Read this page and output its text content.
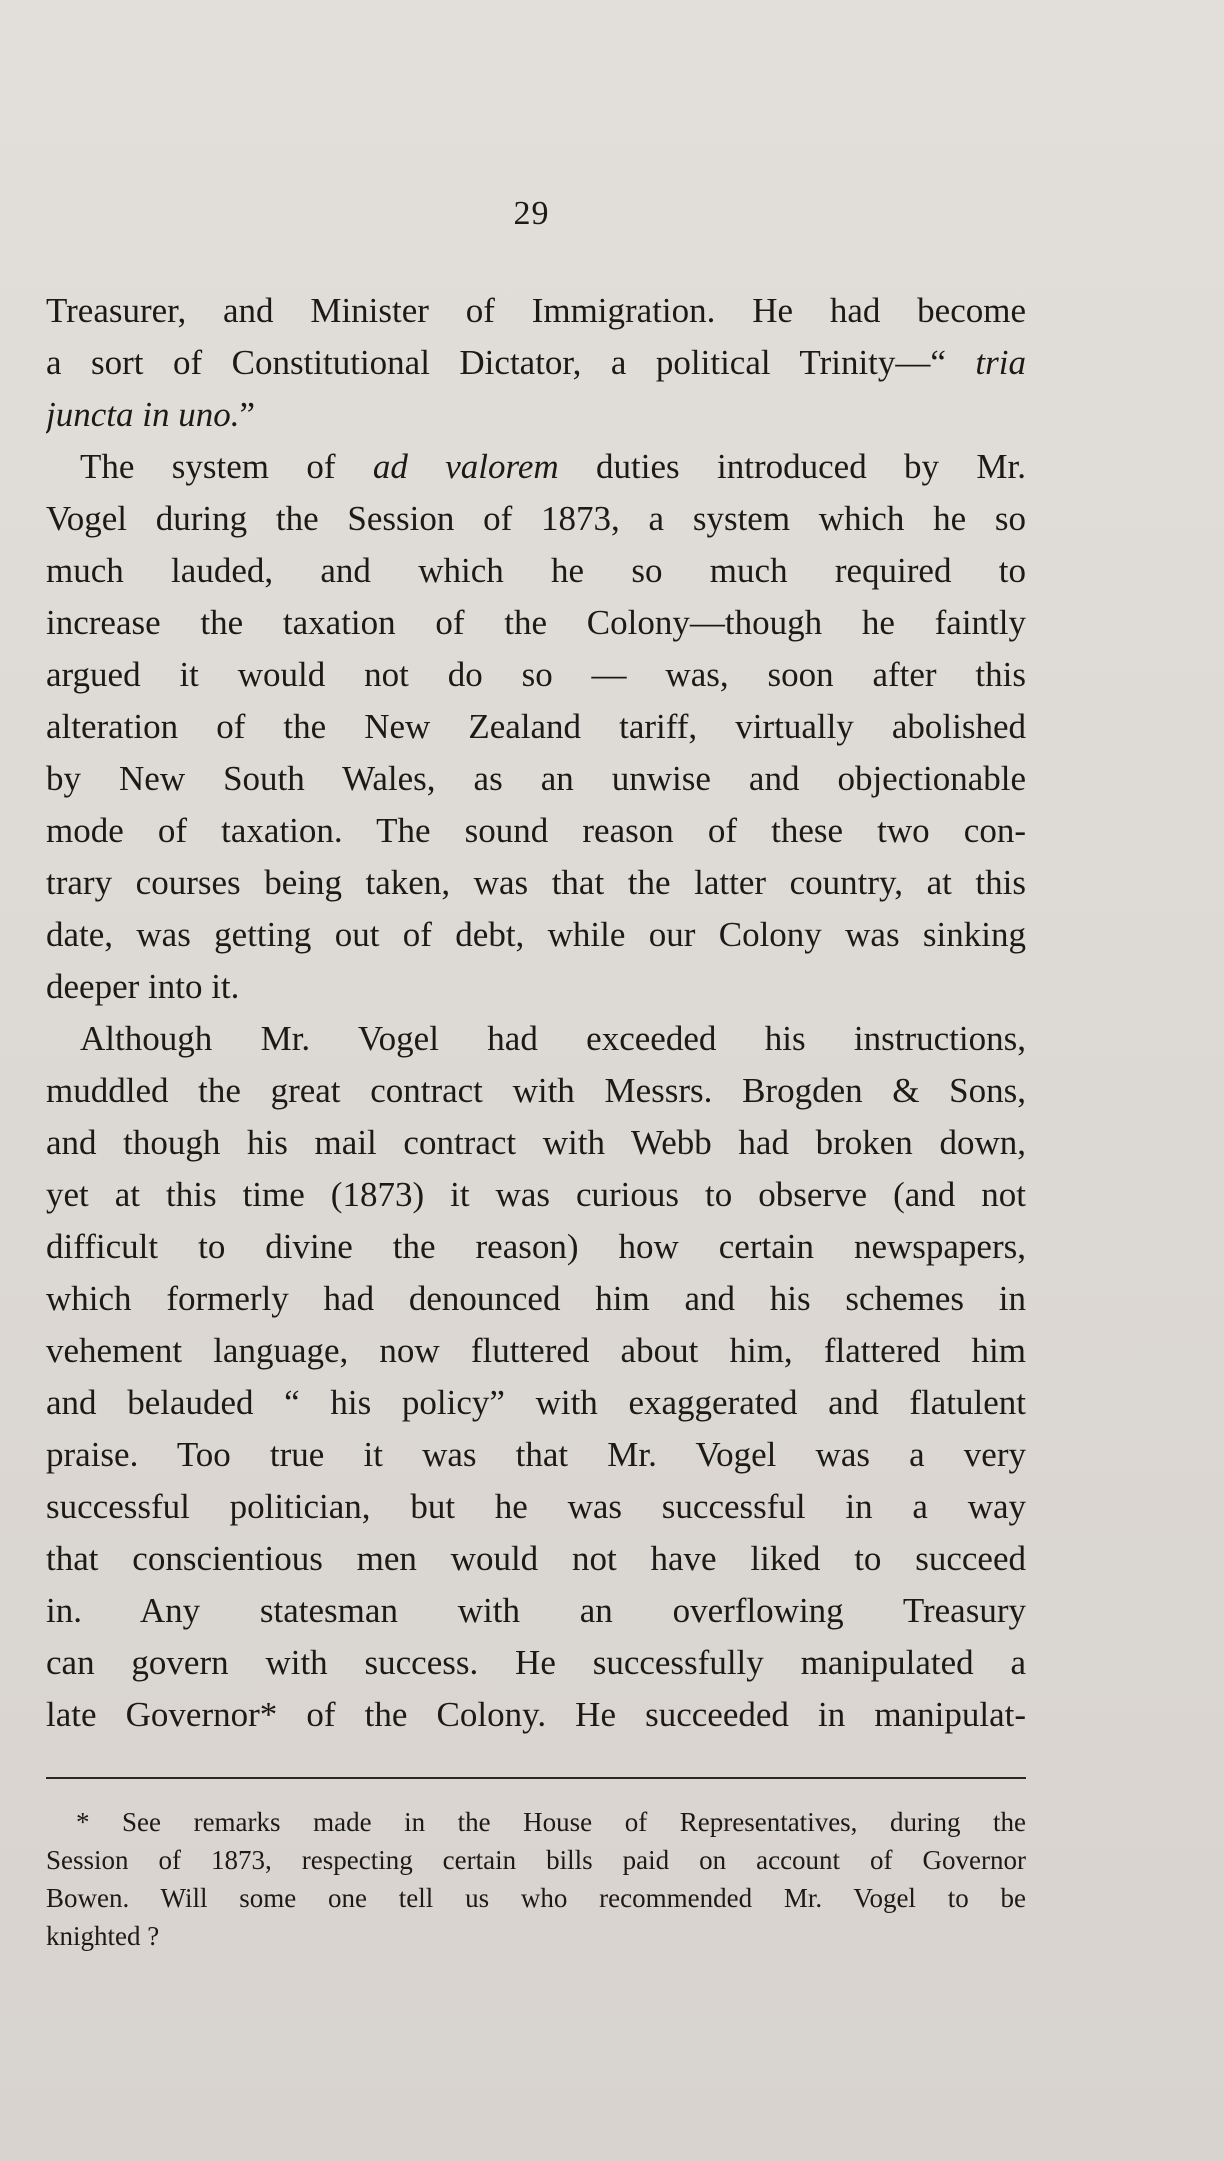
29
Treasurer, and Minister of Immigration. He had become
a sort of Constitutional Dictator, a political Trinity—“ tria
juncta in uno.”
The system of ad valorem duties introduced by Mr.
Vogel during the Session of 1873, a system which he so
much lauded, and which he so much required to
increase the taxation of the Colony—though he faintly
argued it would not do so — was, soon after this
alteration of the New Zealand tariff, virtually abolished
by New South Wales, as an unwise and objectionable
mode of taxation. The sound reason of these two con-
trary courses being taken, was that the latter country, at this
date, was getting out of debt, while our Colony was sinking
deeper into it.
Although Mr. Vogel had exceeded his instructions,
muddled the great contract with Messrs. Brogden & Sons,
and though his mail contract with Webb had broken down,
yet at this time (1873) it was curious to observe (and not
difficult to divine the reason) how certain newspapers,
which formerly had denounced him and his schemes in
vehement language, now fluttered about him, flattered him
and belauded “ his policy” with exaggerated and flatulent
praise. Too true it was that Mr. Vogel was a very
successful politician, but he was successful in a way
that conscientious men would not have liked to succeed
in. Any statesman with an overflowing Treasury
can govern with success. He successfully manipulated a
late Governor* of the Colony. He succeeded in manipulat-
* See remarks made in the House of Representatives, during the
Session of 1873, respecting certain bills paid on account of Governor
Bowen. Will some one tell us who recommended Mr. Vogel to be
knighted ?
